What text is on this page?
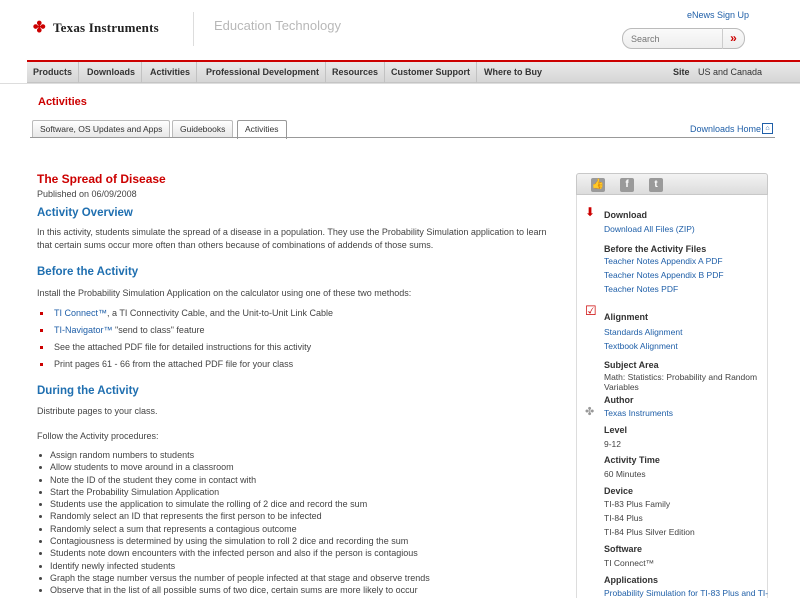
✤ Texas Instruments	Education Technology
eNews Sign Up
Search
»
Products	Downloads	Activities	Professional Development	Resources	Customer Support	Where to Buy	Site US and Canada
Activities
Software, OS Updates and Apps	Guidebooks	Activities	Downloads Home ⌂
The Spread of Disease
Published on 06/09/2008
Activity Overview
In this activity, students simulate the spread of a disease in a population. They use the Probability Simulation application to learn that certain sums occur more often than others because of combinations of addends of those sums.
Before the Activity
Install the Probability Simulation Application on the calculator using one of these two methods:
TI Connect™, a TI Connectivity Cable, and the Unit-to-Unit Link Cable
TI-Navigator™ "send to class" feature
See the attached PDF file for detailed instructions for this activity
Print pages 61 - 66 from the attached PDF file for your class
During the Activity
Distribute pages to your class.
Follow the Activity procedures:
Assign random numbers to students
Allow students to move around in a classroom
Note the ID of the student they come in contact with
Start the Probability Simulation Application
Students use the application to simulate the rolling of 2 dice and record the sum
Randomly select an ID that represents the first person to be infected
Randomly select a sum that represents a contagious outcome
Contagiousness is determined by using the simulation to roll 2 dice and recording the sum
Students note down encounters with the infected person and also if the person is contagious
Identify newly infected students
Graph the stage number versus the number of people infected at that stage and observe trends
Observe that in the list of all possible sums of two dice, certain sums are more likely to occur
👍	f	t
⬇ Download
Download All Files (ZIP)
Before the Activity Files
Teacher Notes Appendix A PDF
Teacher Notes Appendix B PDF
Teacher Notes PDF
☑ Alignment
Standards Alignment
Textbook Alignment
Subject Area
Math: Statistics: Probability and Random Variables
Author
✤ Texas Instruments
Level
9-12
Activity Time
60 Minutes
Device
TI-83 Plus Family
TI-84 Plus
TI-84 Plus Silver Edition
Software
TI Connect™
Applications
Probability Simulation for TI-83 Plus and TI-
